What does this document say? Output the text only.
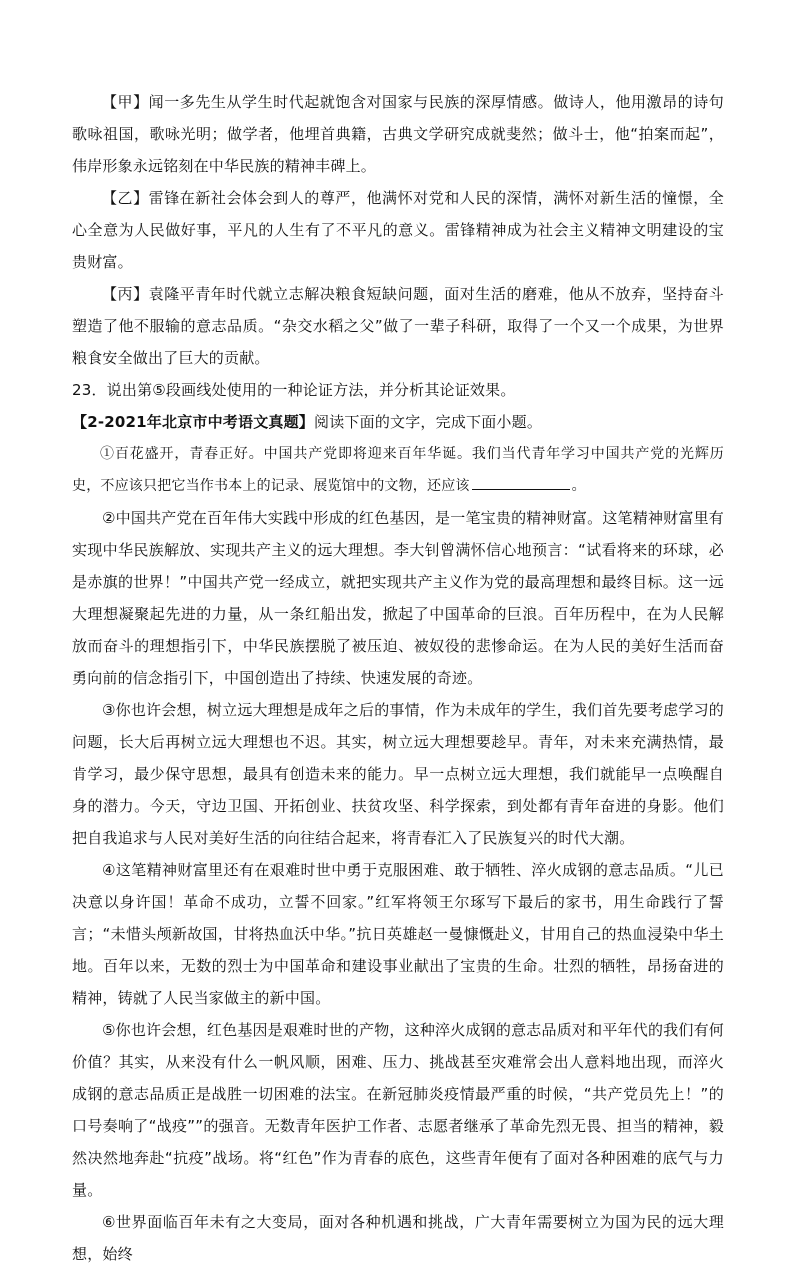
【甲】闻一多先生从学生时代起就饱含对国家与民族的深厚情感。做诗人，他用激昂的诗句歌咏祖国，歌咏光明；做学者，他埋首典籍，古典文学研究成就斐然；做斗士，他“拍案而起”，伟岸形象永远铭刻在中华民族的精神丰碑上。

【乙】雷锋在新社会体会到人的尊严，他满怀对党和人民的深情，满怀对新生活的憧憬，全心全意为人民做好事，平凡的人生有了不平凡的意义。雷锋精神成为社会主义精神文明建设的宝贵财富。

【丙】袁隆平青年时代就立志解决粮食短缺问题，面对生活的磨难，他从不放弃，坚持奋斗塑造了他不服输的意志品质。“杂交水稻之父”做了一辈子科研，取得了一个又一个成果，为世界粮食安全做出了巨大的贡献。

23．说出第⑤段画线处使用的一种论证方法，并分析其论证效果。

【2-2021年北京市中考语文真题】阅读下面的文字，完成下面小题。

①百花盛开，青春正好。中国共产党即将迎来百年华诞。我们当代青年学习中国共产党的光辉历史，不应该只把它当作书本上的记录、展览馆中的文物，还应该	。

②中国共产党在百年伟大实践中形成的红色基因，是一笔宝贵的精神财富。这笔精神财富里有实现中华民族解放、实现共产主义的远大理想。李大钊曾满怀信心地预言：“试看将来的环球，必是赤旗的世界！”中国共产党一经成立，就把实现共产主义作为党的最高理想和最终目标。这一远大理想凝聚起先进的力量，从一条红船出发，掀起了中国革命的巨浪。百年历程中，在为人民解放而奋斗的理想指引下，中华民族摆脱了被压迫、被奴役的悲惨命运。在为人民的美好生活而奋勇向前的信念指引下，中国创造出了持续、快速发展的奇迹。

③你也许会想，树立远大理想是成年之后的事情，作为未成年的学生，我们首先要考虑学习的问题，长大后再树立远大理想也不迟。其实，树立远大理想要趁早。青年，对未来充满热情，最肯学习，最少保守思想，最具有创造未来的能力。早一点树立远大理想，我们就能早一点唤醒自身的潜力。今天，守边卫国、开拓创业、扶贫攻坚、科学探索，到处都有青年奋进的身影。他们把自我追求与人民对美好生活的向往结合起来，将青春汇入了民族复兴的时代大潮。

④这笔精神财富里还有在艰难时世中勇于克服困难、敢于牺牲、淬火成钢的意志品质。“儿已决意以身许国！革命不成功，立誓不回家。”红军将领王尔琢写下最后的家书，用生命践行了誓言；“未惜头颅新故国，甘将热血沃中华。”抗日英雄赵一曼慷慨赴义，甘用自己的热血浸染中华土地。百年以来，无数的烈士为中国革命和建设事业献出了宝贵的生命。壮烈的牺牲，昂扬奋进的精神，铸就了人民当家做主的新中国。

⑤你也许会想，红色基因是艰难时世的产物，这种淬火成钢的意志品质对和平年代的我们有何价值？其实，从来没有什么一帆风顺，困难、压力、挑战甚至灾难常会出人意料地出现，而淬火成钢的意志品质正是战胜一切困难的法宝。在新冠肺炎疫情最严重的时候，“共产党员先上！”的口号奏响了“战疫””的强音。无数青年医护工作者、志愿者继承了革命先烈无畏、担当的精神，毅然决然地奔赴“抗疫”战场。将“红色”作为青春的底色，这些青年便有了面对各种困难的底气与力量。

⑥世界面临百年未有之大变局，面对各种机遇和挑战，广大青年需要树立为国为民的远大理想，始终
